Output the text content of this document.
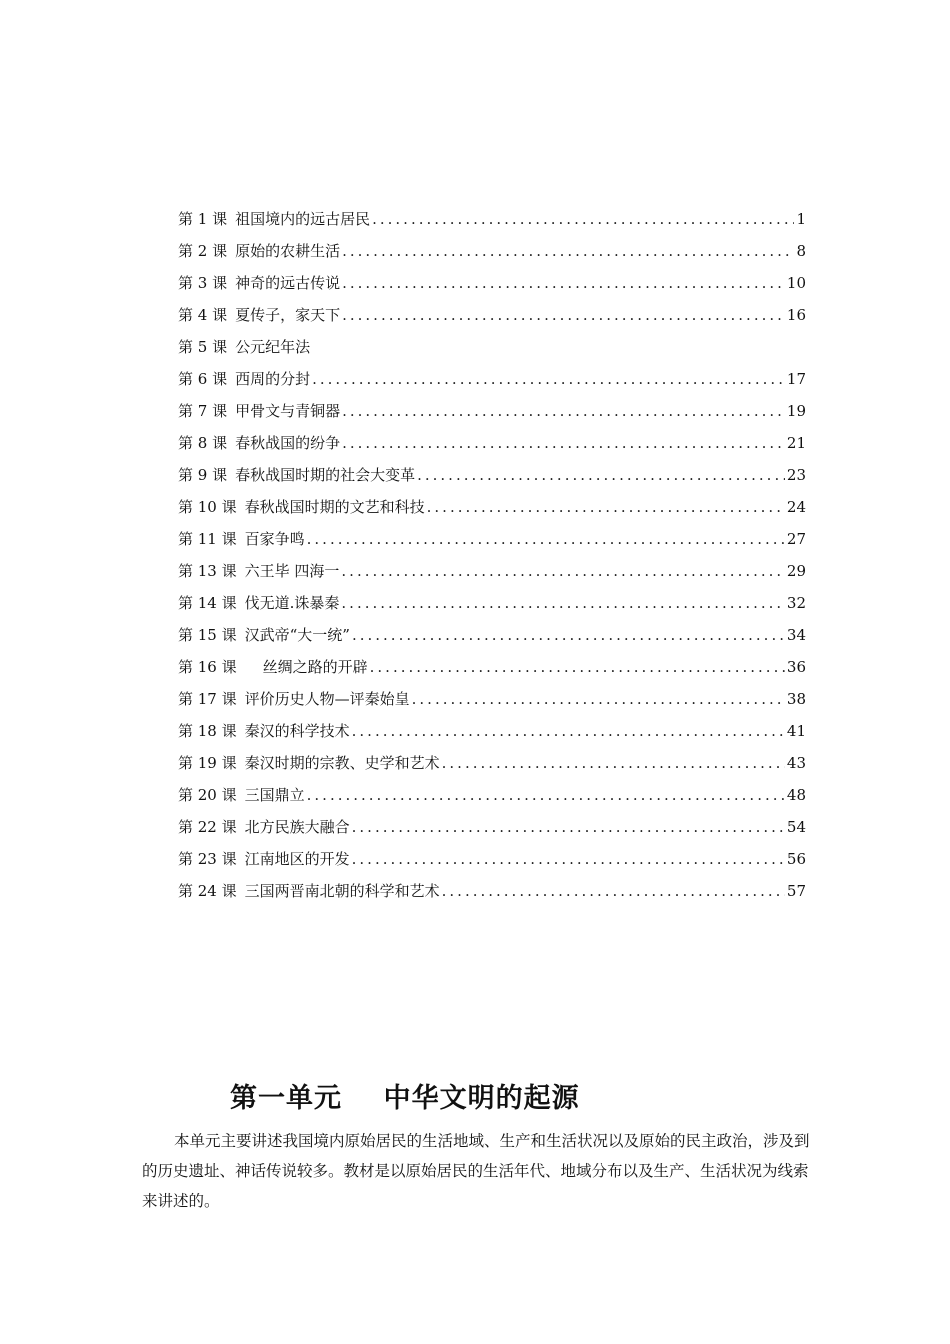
第 1 课 祖国境内的远古居民 .....	1
第 2 课 原始的农耕生活 .....	8
第 3 课 神奇的远古传说 .....	10
第 4 课 夏传子，家天下 .....	16
第 5 课 公元纪年法
第 6 课 西周的分封 .....	17
第 7 课 甲骨文与青铜器 .....	19
第 8 课 春秋战国的纷争 .....	21
第 9 课 春秋战国时期的社会大变革 .....	23
第 10 课 春秋战国时期的文艺和科技 .....	24
第 11 课 百家争鸣 .....	27
第 13 课 六王毕 四海一 .....	29
第 14 课 伐无道.诛暴秦 .....	32
第 15 课 汉武帝“大一统” .....	34
第 16 课 丝绸之路的开辟 .....	36
第 17 课 评价历史人物—评秦始皇 .....	38
第 18 课 秦汉的科学技术 .....	41
第 19 课 秦汉时期的宗教、史学和艺术 .....	43
第 20 课 三国鼎立 .....	48
第 22 课 北方民族大融合 .....	54
第 23 课 江南地区的开发 .....	56
第 24 课 三国两晋南北朝的科学和艺术 .....	57
第一单元    中华文明的起源
本单元主要讲述我国境内原始居民的生活地域、生产和生活状况以及原始的民主政治，涉及到的历史遗址、神话传说较多。教材是以原始居民的生活年代、地域分布以及生产、生活状况为线索来讲述的。
